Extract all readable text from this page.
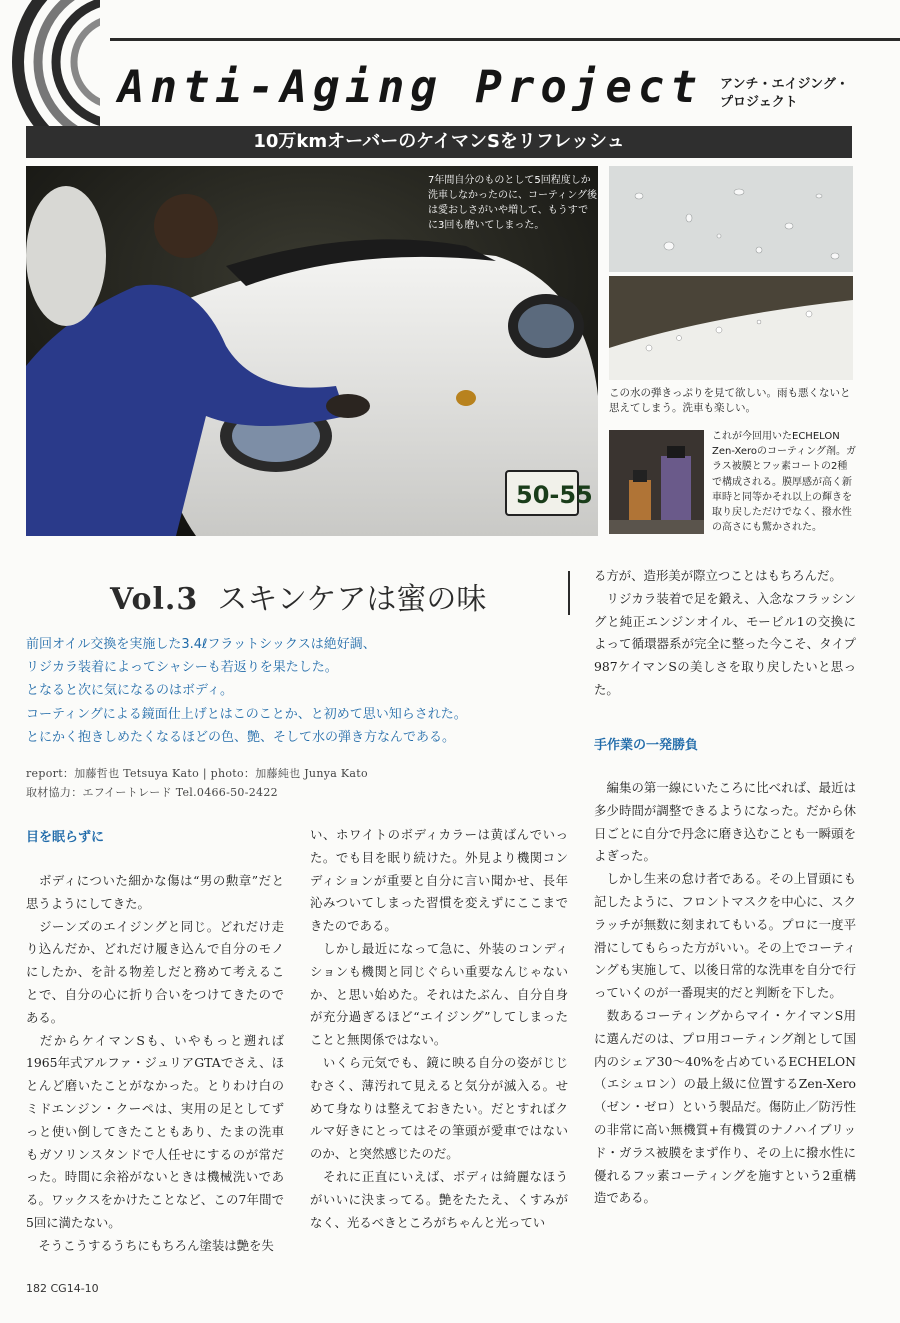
Anti-Aging Project アンチ・エイジング・
プロジェクト
10万kmオーバーのケイマンSをリフレッシュ
50-55
7年間自分のものとして5回程度しか洗車しなかったのに、コーティング後は愛おしさがいや増して、もうすでに3回も磨いてしまった。
この水の弾きっぷりを見て欲しい。雨も悪くないと思えてしまう。洗車も楽しい。
これが今回用いたECHELON Zen-Xeroのコーティング剤。ガラス被膜とフッ素コートの2種で構成される。膜厚感が高く新車時と同等かそれ以上の輝きを取り戻しただけでなく、撥水性の高さにも驚かされた。
Vol.3 スキンケアは蜜の味
前回オイル交換を実施した3.4ℓフラットシックスは絶好調、
リジカラ装着によってシャシーも若返りを果たした。
となると次に気になるのはボディ。
コーティングによる鏡面仕上げとはこのことか、と初めて思い知らされた。
とにかく抱きしめたくなるほどの色、艶、そして水の弾き方なんである。
report：加藤哲也 Tetsuya Kato | photo：加藤純也 Junya Kato
取材協力：エフイートレード Tel.0466-50-2422
目を眠らずに

　ボディについた細かな傷は“男の勲章”だと思うようにしてきた。

　ジーンズのエイジングと同じ。どれだけ走り込んだか、どれだけ履き込んで自分のモノにしたか、を計る物差しだと務めて考えることで、自分の心に折り合いをつけてきたのである。

　だからケイマンSも、いやもっと遡れば1965年式アルファ・ジュリアGTAでさえ、ほとんど磨いたことがなかった。とりわけ白のミドエンジン・クーペは、実用の足としてずっと使い倒してきたこともあり、たまの洗車もガソリンスタンドで人任せにするのが常だった。時間に余裕がないときは機械洗いである。ワックスをかけたことなど、この7年間で5回に満たない。

　そうこうするうちにもちろん塗装は艶を失

い、ホワイトのボディカラーは黄ばんでいった。でも目を眠り続けた。外見より機関コンディションが重要と自分に言い聞かせ、長年沁みついてしまった習慣を変えずにここまできたのである。

　しかし最近になって急に、外装のコンディションも機関と同じぐらい重要なんじゃないか、と思い始めた。それはたぶん、自分自身が充分過ぎるほど“エイジング”してしまったことと無関係ではない。

　いくら元気でも、鏡に映る自分の姿がじじむさく、薄汚れて見えると気分が滅入る。せめて身なりは整えておきたい。だとすればクルマ好きにとってはその筆頭が愛車ではないのか、と突然感じたのだ。

　それに正直にいえば、ボディは綺麗なほうがいいに決まってる。艶をたたえ、くすみがなく、光るべきところがちゃんと光ってい

る方が、造形美が際立つことはもちろんだ。

　リジカラ装着で足を鍛え、入念なフラッシングと純正エンジンオイル、モービル1の交換によって循環器系が完全に整った今こそ、タイプ987ケイマンSの美しさを取り戻したいと思った。

手作業の一発勝負

　編集の第一線にいたころに比べれば、最近は多少時間が調整できるようになった。だから休日ごとに自分で丹念に磨き込むことも一瞬頭をよぎった。

　しかし生来の怠け者である。その上冒頭にも記したように、フロントマスクを中心に、スクラッチが無数に刻まれてもいる。プロに一度平滑にしてもらった方がいい。その上でコーティングも実施して、以後日常的な洗車を自分で行っていくのが一番現実的だと判断を下した。

　数あるコーティングからマイ・ケイマンS用に選んだのは、プロ用コーティング剤として国内のシェア30〜40%を占めているECHELON（エシュロン）の最上級に位置するZen-Xero（ゼン・ゼロ）という製品だ。傷防止／防汚性の非常に高い無機質+有機質のナノハイブリッド・ガラス被膜をまず作り、その上に撥水性に優れるフッ素コーティングを施すという2重構造である。

182 CG14-10
